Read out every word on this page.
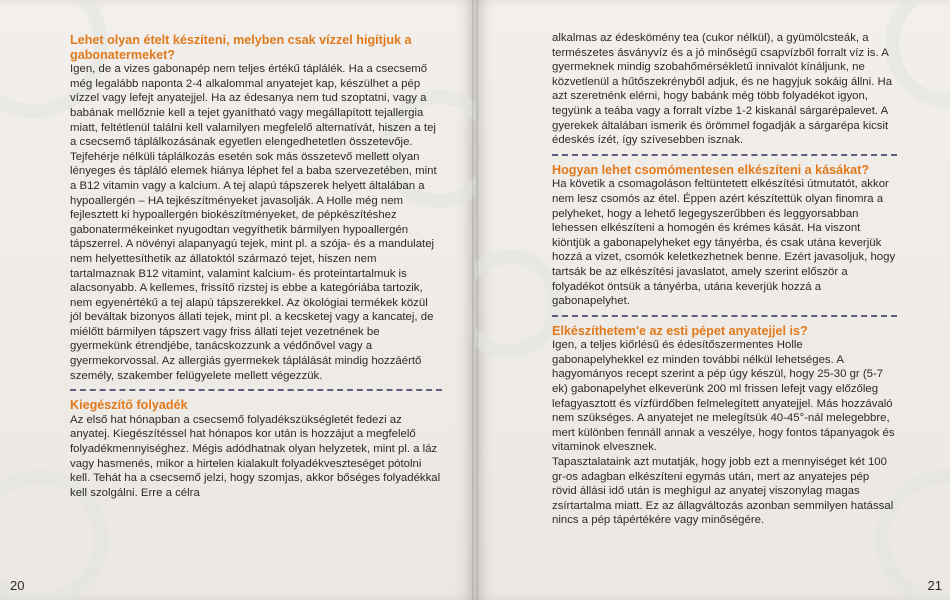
Lehet olyan ételt készíteni, melyben csak vízzel higítjuk a gabonatermeket?

Igen, de a vizes gabonapép nem teljes értékű táplálék. Ha a csecsemő még legalább naponta 2-4 alkalommal anyatejet kap, készülhet a pép vízzel vagy lefejt anyatejjel. Ha az édesanya nem tud szoptatni, vagy a babának mellőznie kell a tejet gyanítható vagy megállapított tejallergia miatt, feltétlenül találni kell valamilyen megfelelő alternatívát, hiszen a tej a csecsemő táplálkozásának egyetlen elengedhetetlen összetevője. Tejfehérje nélküli táplálkozás esetén sok más összetevő mellett olyan lényeges és tápláló elemek hiánya léphet fel a baba szervezetében, mint a B12 vitamin vagy a kalcium. A tej alapú tápszerek helyett általában a hypoallergén – HA tejkészítményeket javasolják. A Holle még nem fejlesztett ki hypoallergén biokészítményeket, de pépkészítéshez gabonatermékeinket nyugodtan vegyíthetik bármilyen hypoallergén tápszerrel. A növényi alapanyagú tejek, mint pl. a szója- és a mandulatej nem helyettesíthetik az állatoktól származó tejet, hiszen nem tartalmaznak B12 vitamint, valamint kalcium- és proteintartalmuk is alacsonyabb. A kellemes, frissítő rizstej is ebbe a kategóriába tartozik, nem egyenértékű a tej alapú tápszerekkel. Az ökológiai termékek közül jól beváltak bizonyos állati tejek, mint pl. a kecsketej vagy a kancatej, de miélőtt bármilyen tápszert vagy friss állati tejet vezetnének be gyermekünk étrendjébe, tanácskozzunk a védőnővel vagy a gyermekorvossal. Az allergiás gyermekek táplálását mindig hozzáértő személy, szakember felügyelete mellett végezzük.

Kiegészítő folyadék

Az első hat hónapban a csecsemő folyadékszükségletét fedezi az anyatej. Kiegészítéssel hat hónapos kor után is hozzájut a megfelelő folyadékmennyiséghez. Mégis adódhatnak olyan helyzetek, mint pl. a láz vagy hasmenés, mikor a hirtelen kialakult folyadékveszteséget pótolni kell. Tehát ha a csecsemő jelzi, hogy szomjas, akkor bőséges folyadékkal kell szolgálni. Erre a célra

20

alkalmas az édeskömény tea (cukor nélkül), a gyümölcsteák, a természetes ásványvíz és a jó minőségű csapvízből forralt víz is. A gyermeknek mindig szobahőmérsékletű innivalót kínáljunk, ne közvetlenül a hűtőszekrényből adjuk, és ne hagyjuk sokáig állni. Ha azt szeretnénk elérni, hogy babánk még több folyadékot igyon, tegyünk a teába vagy a forralt vízbe 1-2 kiskanál sárgarépalevet. A gyerekek általában ismerik és örömmel fogadják a sárgarépa kicsit édeskés ízét, így szívesebben isznak.

Hogyan lehet csomómentesen elkészíteni a kásákat?

Ha követik a csomagoláson feltüntetett elkészítési útmutatót, akkor nem lesz csomós az étel. Éppen azért készítettük olyan finomra a pelyheket, hogy a lehető legegyszerűbben és leggyorsabban lehessen elkészíteni a homogén és krémes kását. Ha viszont kiöntjük a gabonapelyheket egy tányérba, és csak utána keverjük hozzá a vizet, csomók keletkezhetnek benne. Ezért javasoljuk, hogy tartsák be az elkészítési javaslatot, amely szerint először a folyadékot öntsük a tányérba, utána keverjük hozzá a gabonapelyhet.

Elkészíthetem'e az esti pépet anyatejjel is?

Igen, a teljes kiőrlésű és édesítőszermentes Holle gabonapelyhekkel ez minden további nélkül lehetséges. A hagyományos recept szerint a pép úgy készül, hogy 25-30 gr (5-7 ek) gabonapelyhet elkeverünk 200 ml frissen lefejt vagy előzőleg lefagyasztott és vízfürdőben felmelegített anyatejjel. Más hozzávaló nem szükséges. A anyatejet ne melegítsük 40-45°-nál melegebbre, mert különben fennáll annak a veszélye, hogy fontos tápanyagok és vitaminok elvesznek.
Tapasztalataink azt mutatják, hogy jobb ezt a mennyiséget két 100 gr-os adagban elkészíteni egymás után, mert az anyatejes pép rövid állási idő után is meghígul az anyatej viszonylag magas zsírtartalma miatt. Ez az állagváltozás azonban semmilyen hatással nincs a pép tápértékére vagy minőségére.

21
